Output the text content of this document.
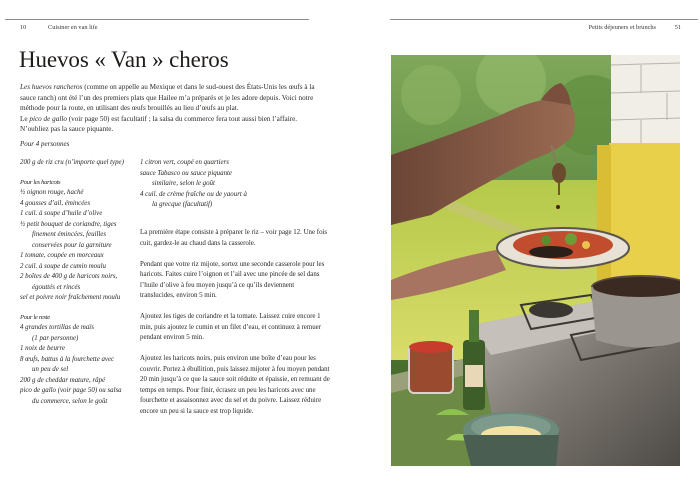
10	Cuisiner en van life
Huevos « Van » cheros

Les huevos rancheros (comme on appelle au Mexique et dans le sud-ouest des États-Unis les œufs à la sauce ranch) ont été l’un des premiers plats que Hailee m’a préparés et je les adore depuis. Voici notre méthode pour la route, en utilisant des œufs brouillés au lieu d’œufs au plat.

Le pico de gallo (voir page 50) est facultatif ; la salsa du commerce fera tout aussi bien l’affaire. N’oubliez pas la sauce piquante.

Pour 4 personnes

200 g de riz cru (n’importe quel type)

Pour les haricots

½ oignon rouge, haché

4 gousses d’ail, émincées

1 cuil. à soupe d’huile d’olive

½ petit bouquet de coriandre, tiges

finement émincées, feuilles

conservées pour la garniture

1 tomate, coupée en morceaux

2 cuil. à soupe de cumin moulu

2 boîtes de 400 g de haricots noirs,

égouttés et rincés

sel et poivre noir fraîchement moulu

Pour le reste

4 grandes tortillas de maïs

(1 par personne)

1 noix de beurre

8 œufs, battus à la fourchette avec

un peu de sel

200 g de cheddar mature, râpé

pico de gallo (voir page 50) ou salsa

du commerce, selon le goût

1 citron vert, coupé en quartiers

sauce Tabasco ou sauce piquante

similaire, selon le goût

4 cuil. de crème fraîche ou de yaourt à

la grecque (facultatif)

La première étape consiste à préparer le riz – voir page 12. Une fois cuit, gardez-le au chaud dans la casserole.

Pendant que votre riz mijote, sortez une seconde casserole pour les haricots. Faites cuire l’oignon et l’ail avec une pincée de sel dans l’huile d’olive à feu moyen jusqu’à ce qu’ils deviennent translucides, environ 5 min.

Ajoutez les tiges de coriandre et la tomate. Laissez cuire encore 1 min, puis ajoutez le cumin et un filet d’eau, et continuez à remuer pendant environ 5 min.

Ajoutez les haricots noirs, puis environ une boîte d’eau pour les couvrir. Portez à ébullition, puis laissez mijoter à feu moyen pendant 20 min jusqu’à ce que la sauce soit réduite et épaissie, en remuant de temps en temps. Pour finir, écrasez un peu les haricots avec une fourchette et assaisonnez avec du sel et du poivre. Laissez réduire encore un peu si la sauce est trop liquide.

Petits déjeuners et brunchs	51
